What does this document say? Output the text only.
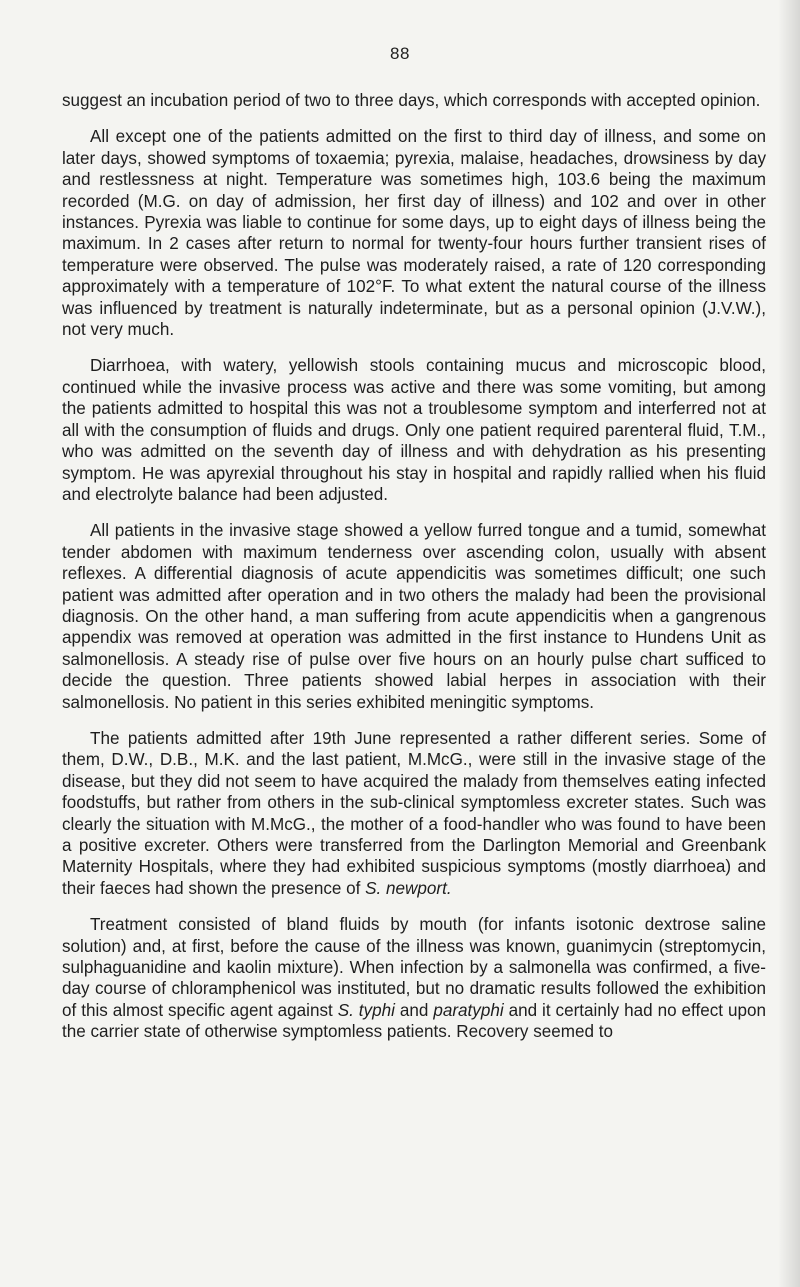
88

suggest an incubation period of two to three days, which corresponds with accepted opinion.

All except one of the patients admitted on the first to third day of illness, and some on later days, showed symptoms of toxaemia; pyrexia, malaise, headaches, drowsiness by day and restlessness at night. Temperature was sometimes high, 103.6 being the maximum recorded (M.G. on day of admission, her first day of illness) and 102 and over in other instances. Pyrexia was liable to continue for some days, up to eight days of illness being the maximum. In 2 cases after return to normal for twenty-four hours further transient rises of temperature were observed. The pulse was moderately raised, a rate of 120 corresponding approximately with a temperature of 102°F. To what extent the natural course of the illness was influenced by treatment is naturally indeterminate, but as a personal opinion (J.V.W.), not very much.

Diarrhoea, with watery, yellowish stools containing mucus and microscopic blood, continued while the invasive process was active and there was some vomiting, but among the patients admitted to hospital this was not a troublesome symptom and interferred not at all with the consumption of fluids and drugs. Only one patient required parenteral fluid, T.M., who was admitted on the seventh day of illness and with dehydration as his presenting symptom. He was apyrexial throughout his stay in hospital and rapidly rallied when his fluid and electrolyte balance had been adjusted.

All patients in the invasive stage showed a yellow furred tongue and a tumid, somewhat tender abdomen with maximum tenderness over ascending colon, usually with absent reflexes. A differential diagnosis of acute appendicitis was sometimes difficult; one such patient was admitted after operation and in two others the malady had been the provisional diagnosis. On the other hand, a man suffering from acute appendicitis when a gangrenous appendix was removed at operation was admitted in the first instance to Hundens Unit as salmonellosis. A steady rise of pulse over five hours on an hourly pulse chart sufficed to decide the question. Three patients showed labial herpes in association with their salmonellosis. No patient in this series exhibited meningitic symptoms.

The patients admitted after 19th June represented a rather different series. Some of them, D.W., D.B., M.K. and the last patient, M.McG., were still in the invasive stage of the disease, but they did not seem to have acquired the malady from themselves eating infected foodstuffs, but rather from others in the sub-clinical symptomless excreter states. Such was clearly the situation with M.McG., the mother of a food-handler who was found to have been a positive excreter. Others were transferred from the Darlington Memorial and Greenbank Maternity Hospitals, where they had exhibited suspicious symptoms (mostly diarrhoea) and their faeces had shown the presence of S. newport.

Treatment consisted of bland fluids by mouth (for infants isotonic dextrose saline solution) and, at first, before the cause of the illness was known, guanimycin (streptomycin, sulphaguanidine and kaolin mixture). When infection by a salmonella was confirmed, a five-day course of chloramphenicol was instituted, but no dramatic results followed the exhibition of this almost specific agent against S. typhi and paratyphi and it certainly had no effect upon the carrier state of otherwise symptomless patients. Recovery seemed to
